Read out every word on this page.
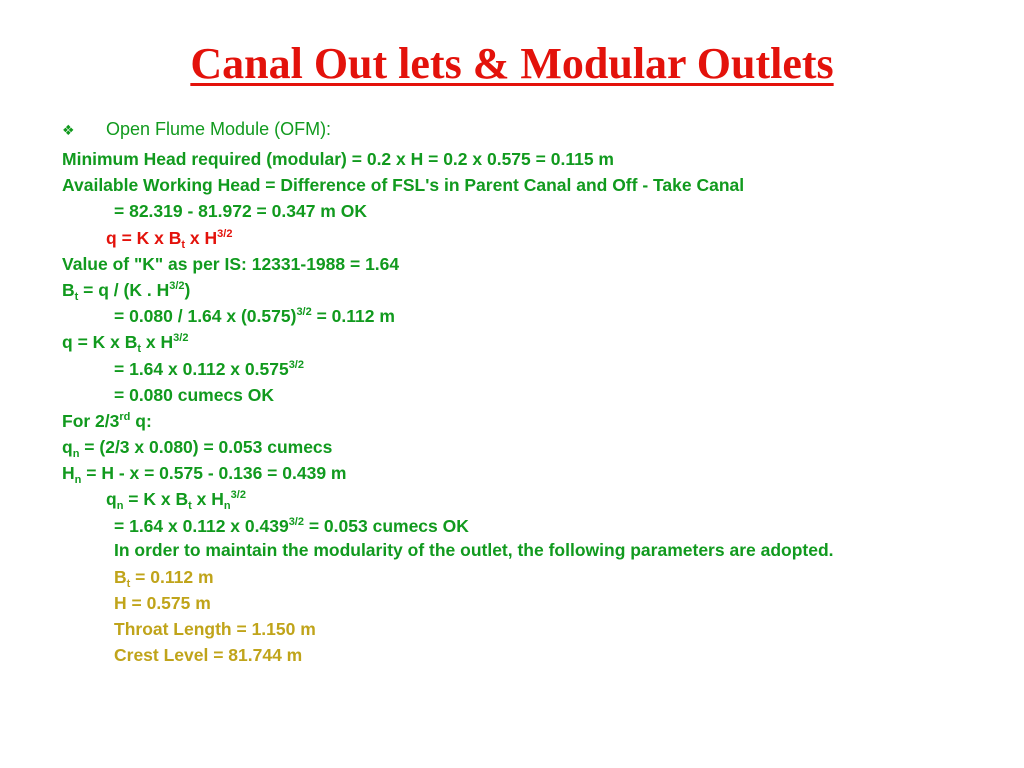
Canal Out lets & Modular Outlets
❖ Open Flume Module (OFM):
Minimum Head required (modular) = 0.2 x H = 0.2 x 0.575 = 0.115 m
Available Working Head = Difference of FSL's in Parent Canal and Off - Take Canal
= 82.319 - 81.972 = 0.347 m OK
q = K x $B_t$ x $H^{3/2}$
Value of "K" as per IS: 12331-1988 = 1.64
$B_t = q / (K$ . $H^{3/2}$)
= 0.080 / 1.64 x $(0.575)^{3/2} = 0.112$ m
q = K x $B_t$ x $H^{3/2}$
= 1.64 x 0.112 x $0.575^{3/2}$
= 0.080 cumecs OK
For 2/3rd q:
$q_n = (2/3$ x 0.080) = 0.053 cumecs
$H_n = H - x = 0.575 - 0.136 = 0.439$ m
$q_n = K$ x $B_t$ x $H_n^{3/2}$
= 1.64 x 0.112 x $0.439^{3/2} = 0.053$ cumecs OK
In order to maintain the modularity of the outlet, the following parameters are adopted.
$B_t = 0.112$ m
H = 0.575 m
Throat Length = 1.150 m
Crest Level = 81.744 m
